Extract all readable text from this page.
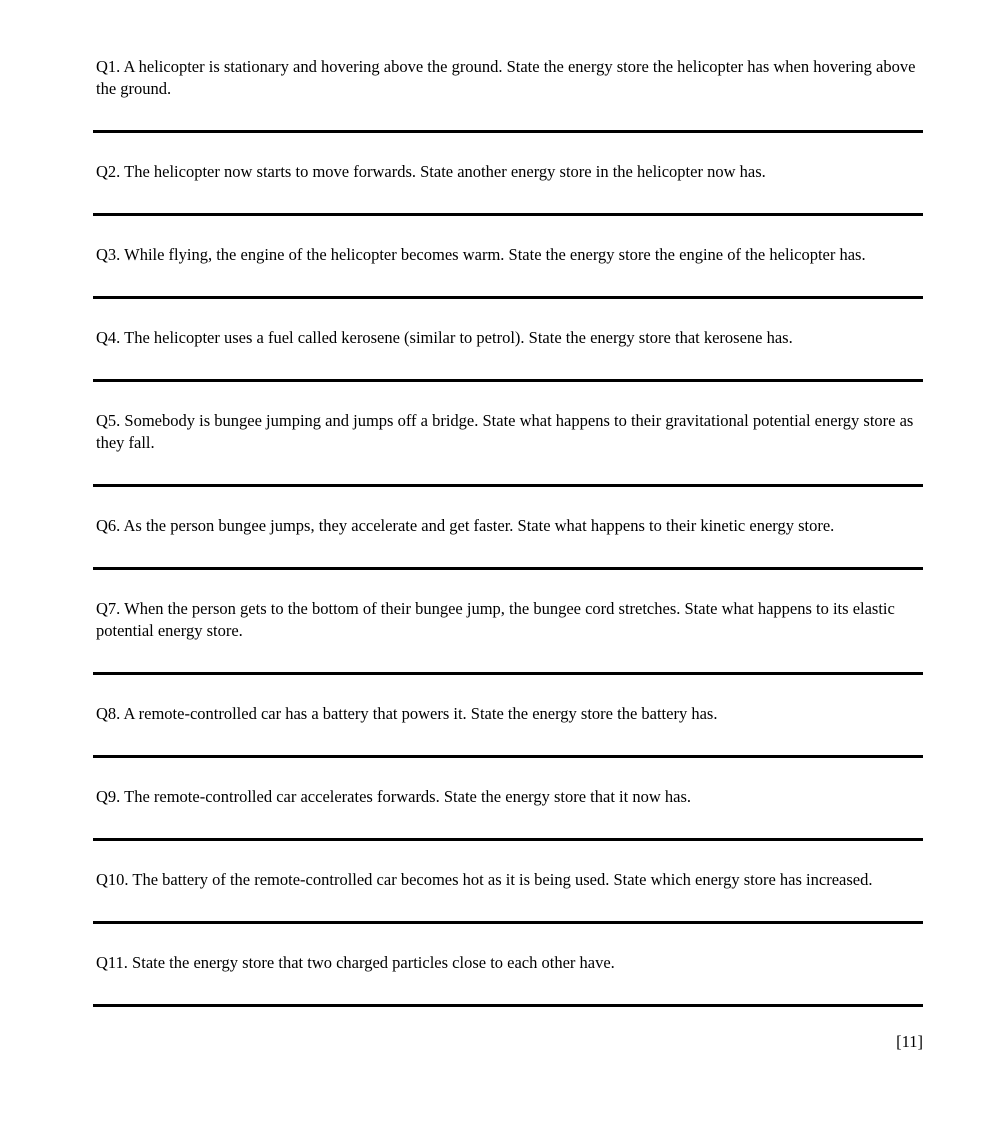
Q1. A helicopter is stationary and hovering above the ground. State the energy store the helicopter has when hovering above the ground.

Q2. The helicopter now starts to move forwards. State another energy store in the helicopter now has.

Q3. While flying, the engine of the helicopter becomes warm. State the energy store the engine of the helicopter has.

Q4. The helicopter uses a fuel called kerosene (similar to petrol). State the energy store that kerosene has.

Q5. Somebody is bungee jumping and jumps off a bridge. State what happens to their gravitational potential energy store as they fall.

Q6. As the person bungee jumps, they accelerate and get faster. State what happens to their kinetic energy store.

Q7. When the person gets to the bottom of their bungee jump, the bungee cord stretches. State what happens to its elastic potential energy store.

Q8. A remote-controlled car has a battery that powers it. State the energy store the battery has.

Q9. The remote-controlled car accelerates forwards. State the energy store that it now has.

Q10. The battery of the remote-controlled car becomes hot as it is being used. State which energy store has increased.

Q11. State the energy store that two charged particles close to each other have.

[11]
